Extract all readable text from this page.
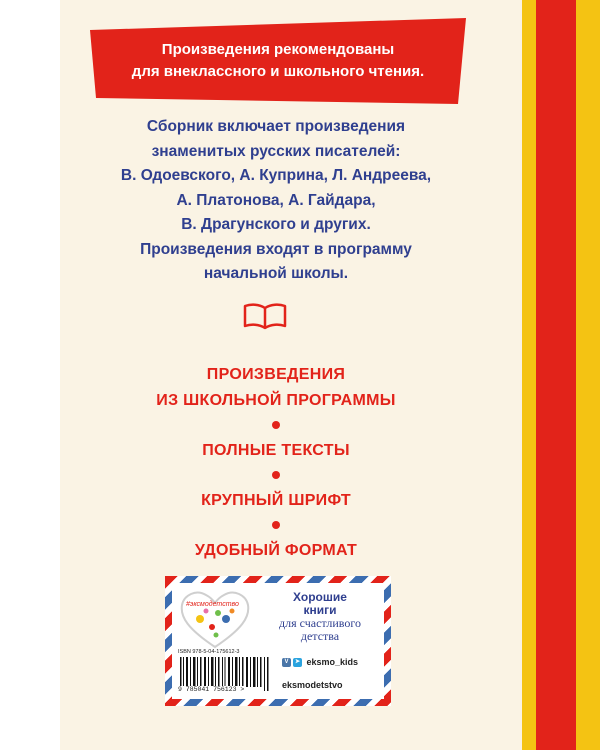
Произведения рекомендованы
для внеклассного и школьного чтения.
Сборник включает произведения
знаменитых русских писателей:
В. Одоевского, А. Куприна, Л. Андреева,
А. Платонова, А. Гайдара,
В. Драгунского и других.
Произведения входят в программу
начальной школы.
ПРОИЗВЕДЕНИЯ
ИЗ ШКОЛЬНОЙ ПРОГРАММЫ
ПОЛНЫЕ ТЕКСТЫ
КРУПНЫЙ ШРИФТ
УДОБНЫЙ ФОРМАТ
#эксмодетство
Хорошие
книги
для счастливого
детства
ISBN 978-5-04-175612-3
9 785041 756123 >
V ➤ eksmo_kids
eksmodetstvo
